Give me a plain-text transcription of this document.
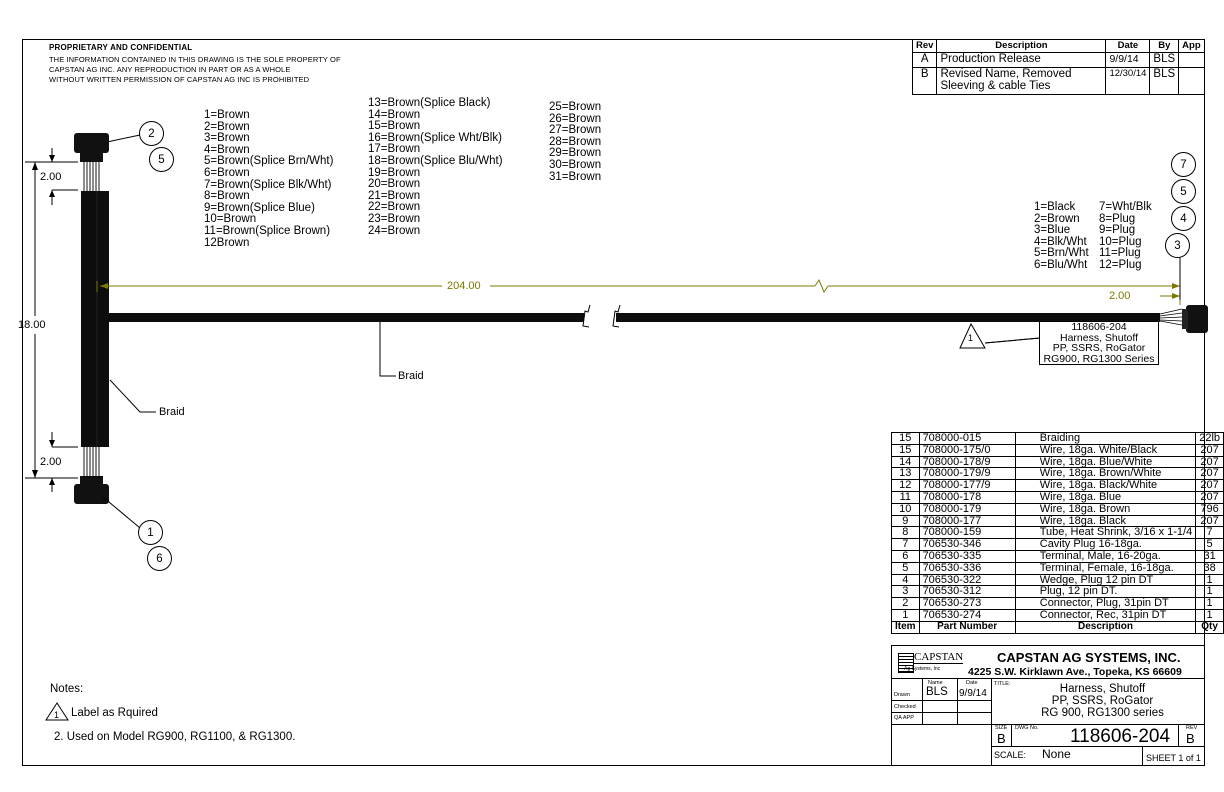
PROPRIETARY AND CONFIDENTIAL
THE INFORMATION CONTAINED IN THIS DRAWING IS THE SOLE PROPERTY OF
CAPSTAN AG INC. ANY REPRODUCTION IN PART OR AS A WHOLE
WITHOUT WRITTEN PERMISSION OF CAPSTAN AG INC IS PROHIBITED
1=Brown
2=Brown
3=Brown
4=Brown
5=Brown(Splice Brn/Wht)
6=Brown
7=Brown(Splice Blk/Wht)
8=Brown
9=Brown(Splice Blue)
10=Brown
11=Brown(Splice Brown)
12Brown
13=Brown(Splice Black)
14=Brown
15=Brown
16=Brown(Splice Wht/Blk)
17=Brown
18=Brown(Splice Blu/Wht)
19=Brown
20=Brown
21=Brown
22=Brown
23=Brown
24=Brown
25=Brown
26=Brown
27=Brown
28=Brown
29=Brown
30=Brown
31=Brown
1=Black
2=Brown
3=Blue
4=Blk/Wht
5=Brn/Wht
6=Blu/Wht
7=Wht/Blk
8=Plug
9=Plug
10=Plug
11=Plug
12=Plug
2.00
18.00
2.00
204.00
2.00
Braid
Braid
2
5
1
6
7
5
4
3
1
118606-204
Harness, Shutoff
PP, SSRS, RoGator
RG900, RG1300 Series
Rev	Description	Date	By	App
A	Production Release	9/9/14	BLS	
B	Revised Name, Removed Sleeving & cable Ties	12/30/14	BLS	
15	708000-015	Braiding	22lb
15	708000-175/0	Wire, 18ga. White/Black	207
14	708000-178/9	Wire, 18ga. Blue/White	207
13	708000-179/9	Wire, 18ga. Brown/White	207
12	708000-177/9	Wire, 18ga. Black/White	207
11	708000-178	Wire, 18ga. Blue	207
10	708000-179	Wire, 18ga. Brown	796
9	708000-177	Wire, 18ga. Black	207
8	708000-159	Tube, Heat Shrink, 3/16 x 1-1/4	7
7	706530-346	Cavity Plug 16-18ga.	5
6	706530-335	Terminal, Male, 16-20ga.	31
5	706530-336	Terminal, Female, 16-18ga.	38
4	706530-322	Wedge, Plug 12 pin DT	1
3	706530-312	Plug, 12 pin DT.	1
2	706530-273	Connector, Plug, 31pin DT	1
1	706530-274	Connector, Rec, 31pin DT	1
Item	Part Number	Description	Qty
CAPSTAN
Ag Systems, Inc
CAPSTAN AG SYSTEMS, INC.
4225 S.W. Kirklawn Ave., Topeka, KS 66609
Name	Date
Drawn
Checked
QA APP
BLS 9/9/14
TITLE:	Harness, Shutoff
PP, SSRS, RoGator
RG 900, RG1300 series
SIZE
B
DWG No. 118606-204	REV
B
SCALE: None	SHEET 1 of 1
Notes:
1 Label as Rquired
2. Used on Model RG900, RG1100, & RG1300.
